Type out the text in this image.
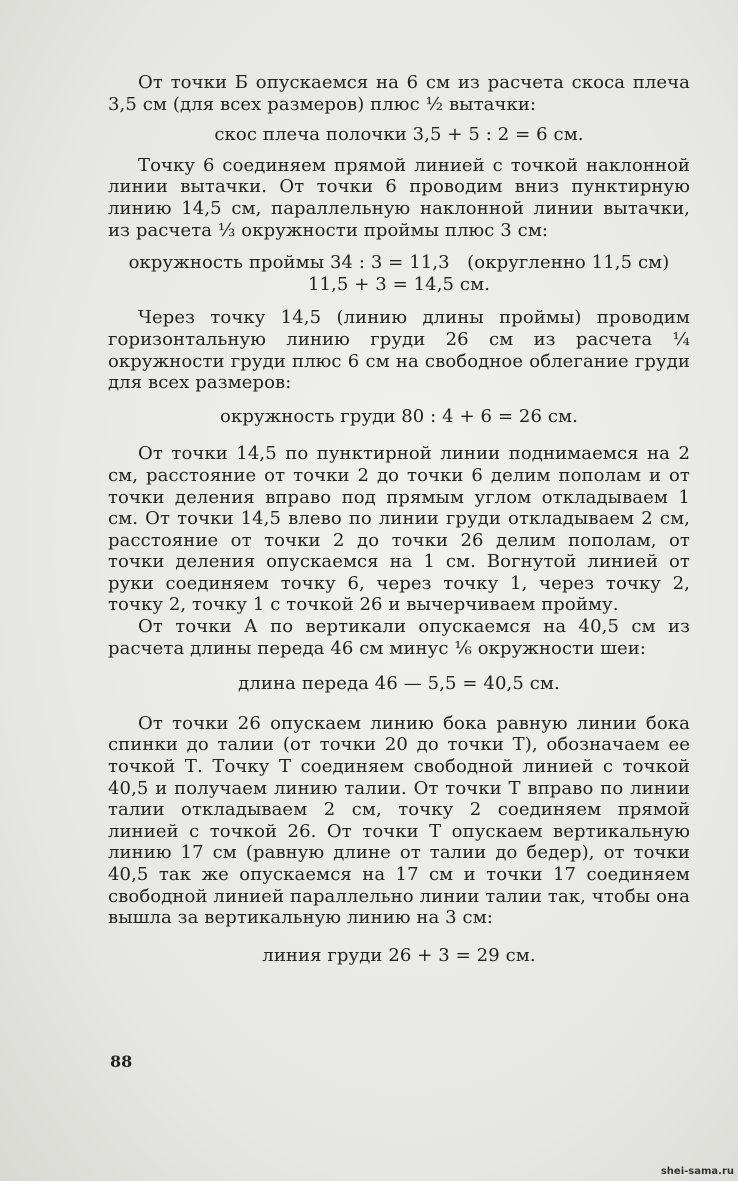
От точки Б опускаемся на 6 см из расчета скоса плеча 3,5 см (для всех размеров) плюс ½ вытачки:

скос плеча полочки 3,5 + 5 : 2 = 6 см.

Точку 6 соединяем прямой линией с точкой наклонной линии вытачки. От точки 6 проводим вниз пунктирную линию 14,5 см, параллельную наклонной линии вытачки, из расчета ⅓ окружности проймы плюс 3 см:

окружность проймы 34 : 3 = 11,3   (округленно 11,5 см)
11,5 + 3 = 14,5 см.

Через точку 14,5 (линию длины проймы) проводим горизонтальную линию груди 26 см из расчета ¼ окружности груди плюс 6 см на свободное облегание груди для всех размеров:

окружность груди 80 : 4 + 6 = 26 см.

От точки 14,5 по пунктирной линии поднимаемся на 2 см, расстояние от точки 2 до точки 6 делим пополам и от точки деления вправо под прямым углом откладываем 1 см. От точки 14,5 влево по линии груди откладываем 2 см, расстояние от точки 2 до точки 26 делим пополам, от точки деления опускаемся на 1 см. Вогнутой линией от руки соединяем точку 6, через точку 1, через точку 2, точку 2, точку 1 с точкой 26 и вычерчиваем пройму.

От точки А по вертикали опускаемся на 40,5 см из расчета длины переда 46 см минус ⅙ окружности шеи:

длина переда 46 — 5,5 = 40,5 см.

От точки 26 опускаем линию бока равную линии бока спинки до талии (от точки 20 до точки Т), обозначаем ее точкой Т. Точку Т соединяем свободной линией с точкой 40,5 и получаем линию талии. От точки Т вправо по линии талии откладываем 2 см, точку 2 соединяем прямой линией с точкой 26. От точки Т опускаем вертикальную линию 17 см (равную длине от талии до бедер), от точки 40,5 так же опускаемся на 17 см и точки 17 соединяем свободной линией параллельно линии талии так, чтобы она вышла за вертикальную линию на 3 см:

линия груди 26 + 3 = 29 см.

88
shei-sama.ru
